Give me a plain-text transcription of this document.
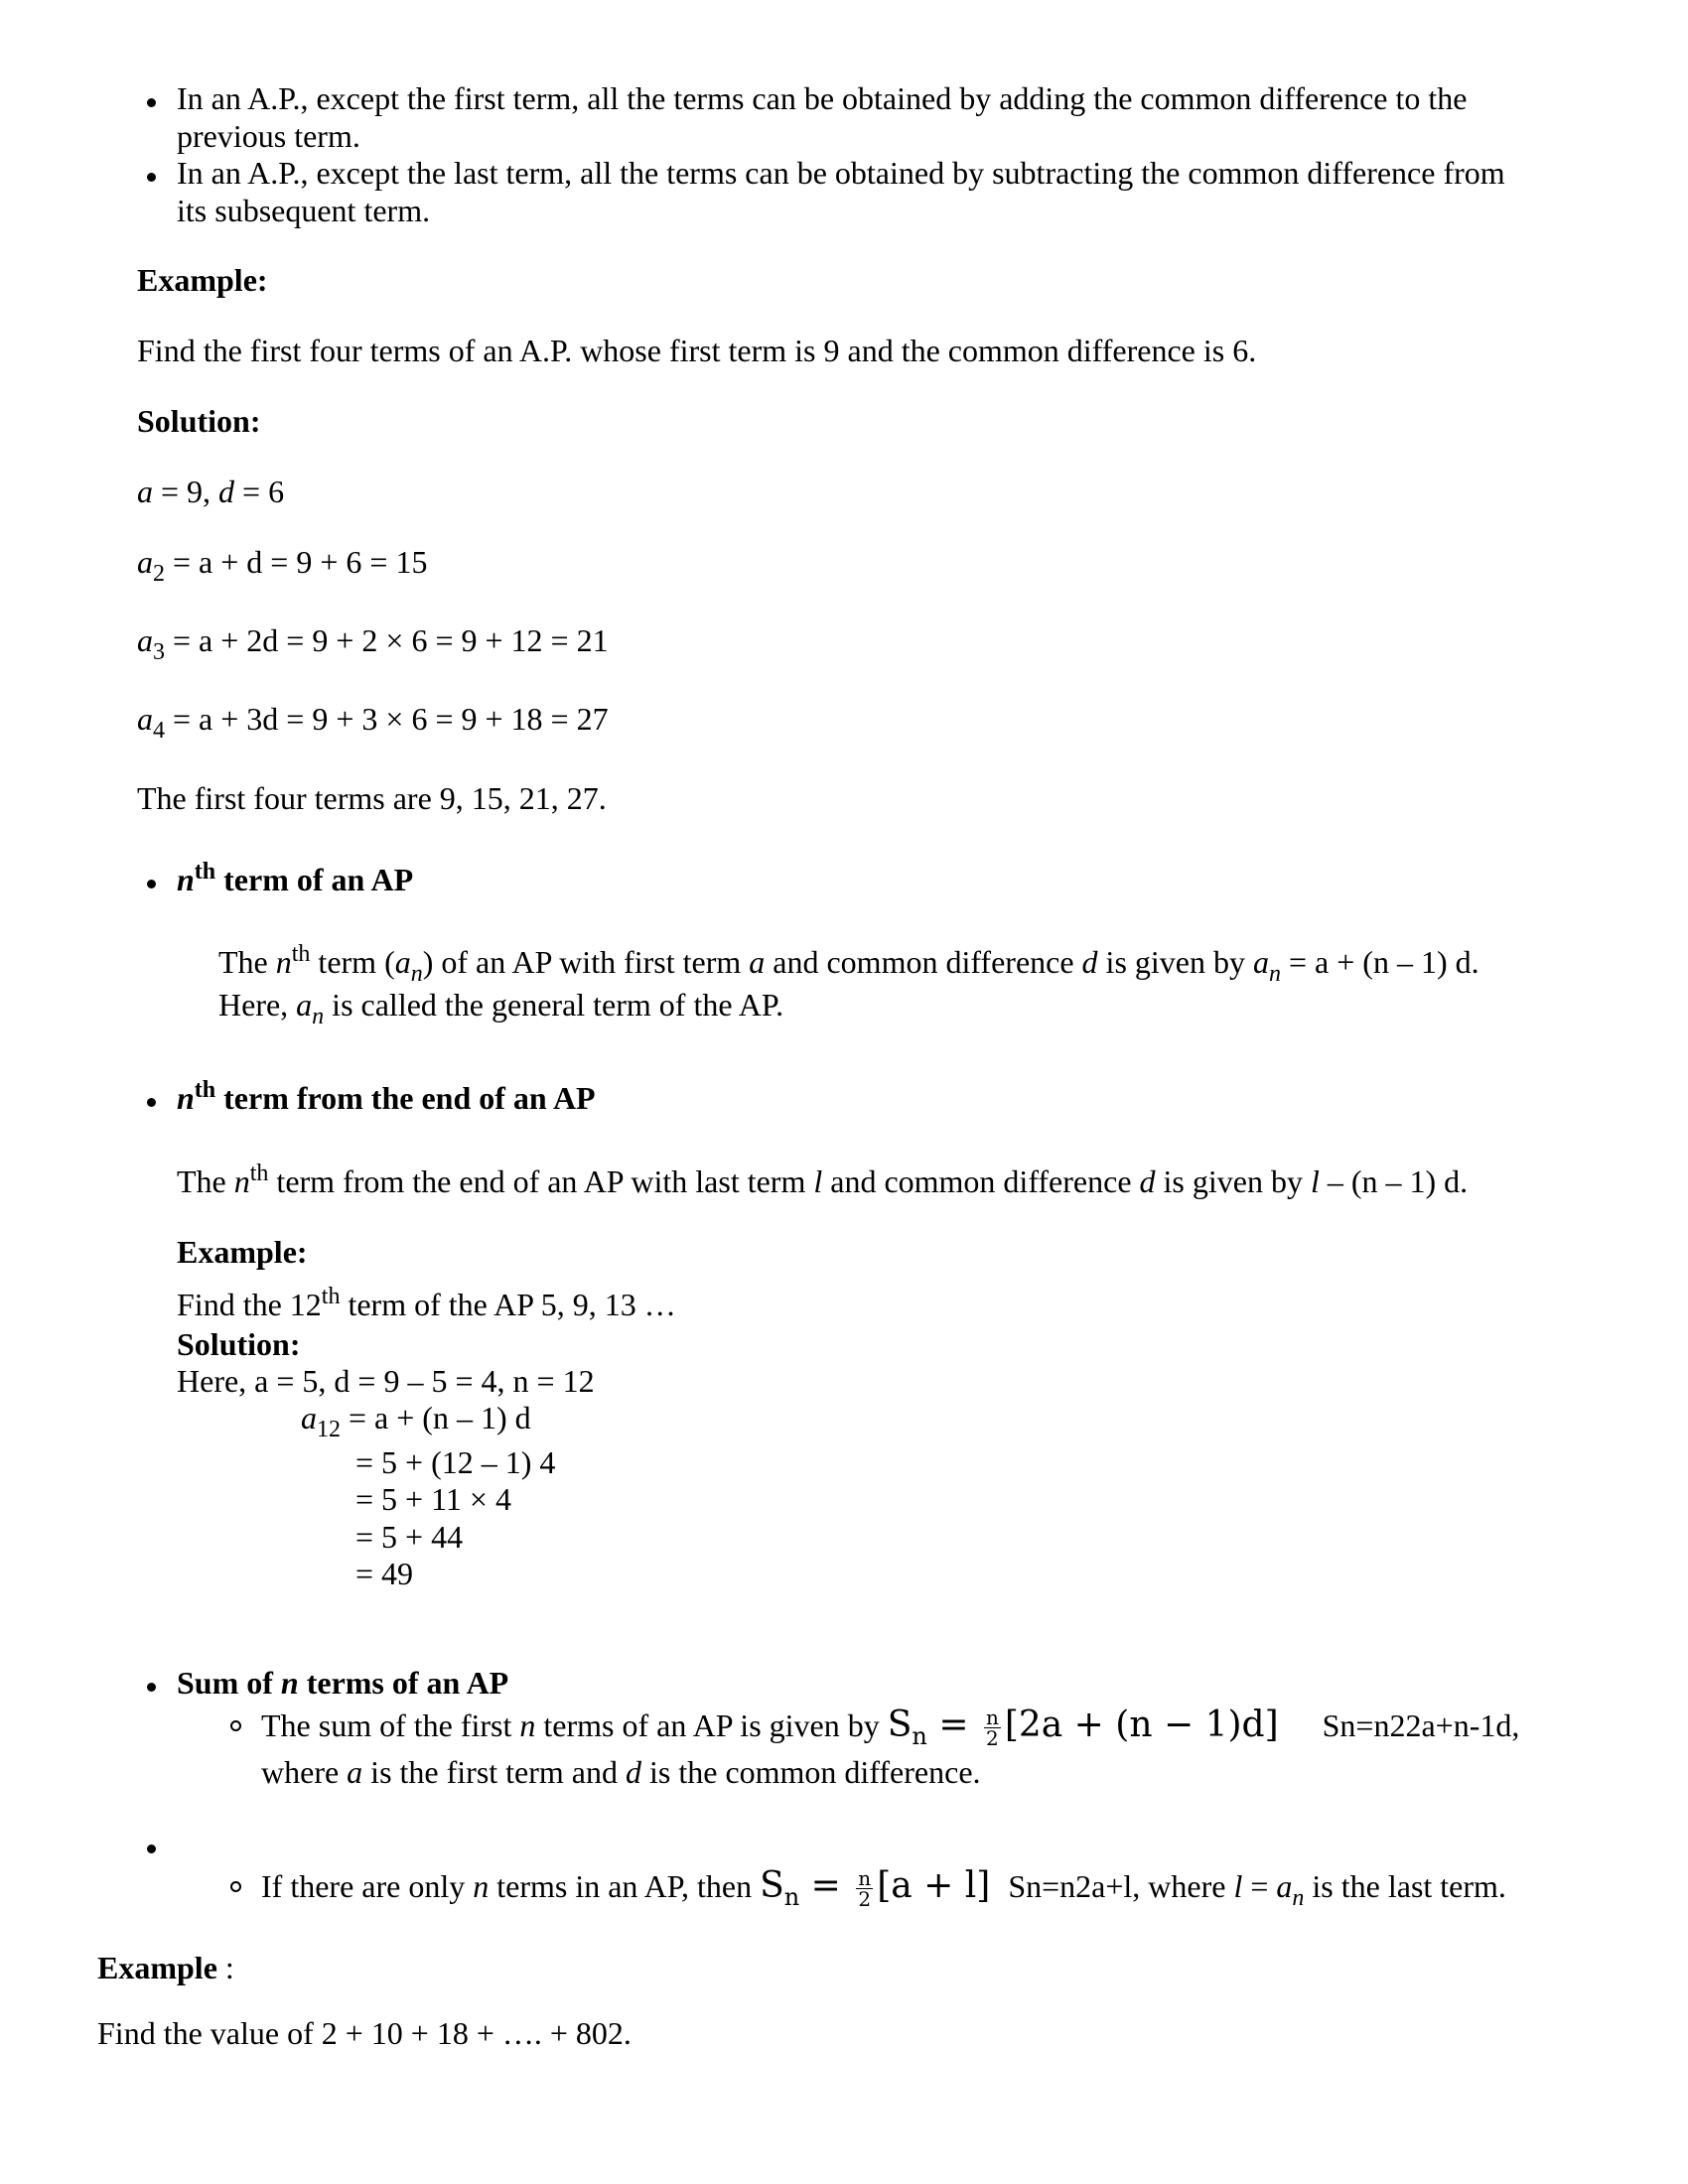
In an A.P., except the first term, all the terms can be obtained by adding the common difference to the
previous term.
In an A.P., except the last term, all the terms can be obtained by subtracting the common difference from
its subsequent term.
Example:
Find the first four terms of an A.P. whose first term is 9 and the common difference is 6.
Solution:
a = 9, d = 6
$a_2 = a + d = 9 + 6 = 15$
$a_3 = a + 2d = 9 + 2 \times 6 = 9 + 12 = 21$
$a_4 = a + 3d = 9 + 3 \times 6 = 9 + 18 = 27$
The first four terms are 9, 15, 21, 27.
$n^{th}$ term of an AP
The $n^{th}$ term $(a_n)$ of an AP with first term a and common difference d is given by $a_n = a + (n - 1)$ d.
Here, $a_n$ is called the general term of the AP.
$n^{th}$ term from the end of an AP
The $n^{th}$ term from the end of an AP with last term l and common difference d is given by l – (n – 1) d.
Example:
Find the 12th term of the AP 5, 9, 13 …
Solution:
Here, a = 5, d = 9 – 5 = 4, n = 12
$a_{12} = a + (n - 1)$ d
= 5 + (12 – 1) 4
= 5 + 11 × 4
= 5 + 44
= 49
Sum of n terms of an AP
The sum of the first n terms of an AP is given by $S_n = \frac{n}{2} [2a + (n - 1)d]$ Sn=n22a+n-1d,
where a is the first term and d is the common difference.
If there are only n terms in an AP, then $S_n = \frac{n}{2} [a + l]$ Sn=n2a+l, where $l = a_n$ is the last term.
Example :
Find the value of 2 + 10 + 18 + …. + 802.
